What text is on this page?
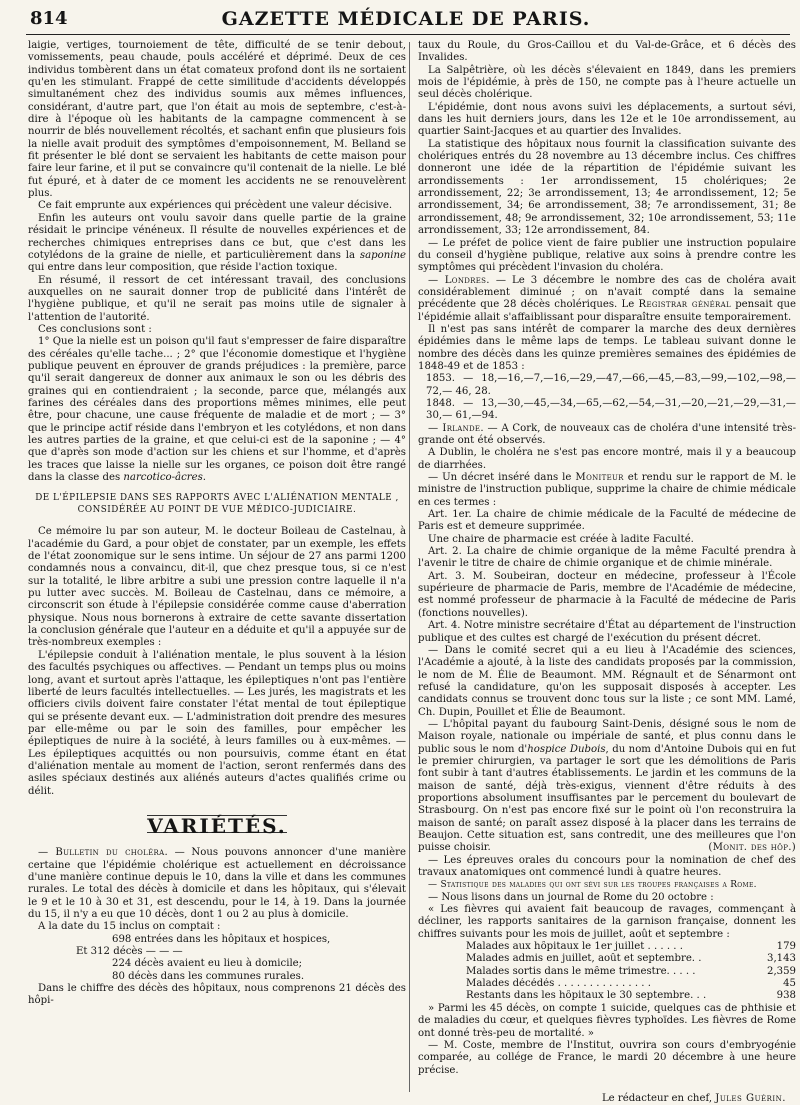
814	GAZETTE MÉDICALE DE PARIS.

laigie, vertiges, tournoiement de tête, difficulté de se tenir debout, vomissements, peau chaude, pouls accéléré et déprimé. Deux de ces individus tombèrent dans un état comateux profond dont ils ne sortaient qu'en les stimulant. Frappé de cette similitude d'accidents développés simultanément chez des individus soumis aux mêmes influences, considérant, d'autre part, que l'on était au mois de septembre, c'est-à-dire à l'époque où les habitants de la campagne commencent à se nourrir de blés nouvellement récoltés, et sachant enfin que plusieurs fois la nielle avait produit des symptômes d'empoisonnement, M. Belland se fit présenter le blé dont se servaient les habitants de cette maison pour faire leur farine, et il put se convaincre qu'il contenait de la nielle. Le blé fut épuré, et à dater de ce moment les accidents ne se renouvelèrent plus.

Ce fait emprunte aux expériences qui précèdent une valeur décisive.

Enfin les auteurs ont voulu savoir dans quelle partie de la graine résidait le principe vénéneux. Il résulte de nouvelles expériences et de recherches chimiques entreprises dans ce but, que c'est dans les cotylédons de la graine de nielle, et particulièrement dans la saponine qui entre dans leur composition, que réside l'action toxique.

En résumé, il ressort de cet intéressant travail, des conclusions auxquelles on ne saurait donner trop de publicité dans l'intérêt de l'hygiène publique, et qu'il ne serait pas moins utile de signaler à l'attention de l'autorité.

Ces conclusions sont :

1° Que la nielle est un poison qu'il faut s'empresser de faire disparaître des céréales qu'elle tache... ; 2° que l'économie domestique et l'hygiène publique peuvent en éprouver de grands préjudices : la première, parce qu'il serait dangereux de donner aux animaux le son ou les débris des graines qui en contiendraient ; la seconde, parce que, mélangés aux farines des céréales dans des proportions mêmes minimes, elle peut être, pour chacune, une cause fréquente de maladie et de mort ; — 3° que le principe actif réside dans l'embryon et les cotylédons, et non dans les autres parties de la graine, et que celui-ci est de la saponine ; — 4° que d'après son mode d'action sur les chiens et sur l'homme, et d'après les traces que laisse la nielle sur les organes, ce poison doit être rangé dans la classe des narcotico-âcres.

DE L'ÉPILEPSIE DANS SES RAPPORTS AVEC L'ALIÉNATION MENTALE ,
CONSIDÉRÉE AU POINT DE VUE MÉDICO-JUDICIAIRE.

Ce mémoire lu par son auteur, M. le docteur Boileau de Castelnau, à l'académie du Gard, a pour objet de constater, par un exemple, les effets de l'état zoonomique sur le sens intime. Un séjour de 27 ans parmi 1200 condamnés nous a convaincu, dit-il, que chez presque tous, si ce n'est sur la totalité, le libre arbitre a subi une pression contre laquelle il n'a pu lutter avec succès. M. Boileau de Castelnau, dans ce mémoire, a circonscrit son étude à l'épilepsie considérée comme cause d'aberration physique. Nous nous bornerons à extraire de cette savante dissertation la conclusion générale que l'auteur en a déduite et qu'il a appuyée sur de très-nombreux exemples :

L'épilepsie conduit à l'aliénation mentale, le plus souvent à la lésion des facultés psychiques ou affectives. — Pendant un temps plus ou moins long, avant et surtout après l'attaque, les épileptiques n'ont pas l'entière liberté de leurs facultés intellectuelles. — Les jurés, les magistrats et les officiers civils doivent faire constater l'état mental de tout épileptique qui se présente devant eux. — L'administration doit prendre des mesures par elle-même ou par le soin des familles, pour empêcher les épileptiques de nuire à la société, à leurs familles ou à eux-mêmes. — Les épileptiques acquittés ou non poursuivis, comme étant en état d'aliénation mentale au moment de l'action, seront renfermés dans des asiles spéciaux destinés aux aliénés auteurs d'actes qualifiés crime ou délit.

VARIÉTÉS.

— Bulletin du choléra. — Nous pouvons annoncer d'une manière certaine que l'épidémie cholérique est actuellement en décroissance d'une manière continue depuis le 10, dans la ville et dans les communes rurales. Le total des décès à domicile et dans les hôpitaux, qui s'élevait le 9 et le 10 à 30 et 31, est descendu, pour le 14, à 19. Dans la journée du 15, il n'y a eu que 10 décès, dont 1 ou 2 au plus à domicile.

A la date du 15 inclus on comptait :

698 entrées dans les hôpitaux et hospices,
Et 312 décès — — —
224 décès avaient eu lieu à domicile;
80 décès dans les communes rurales.

Dans le chiffre des décès des hôpitaux, nous comprenons 21 décès des hôpi-

taux du Roule, du Gros-Caillou et du Val-de-Grâce, et 6 décès des Invalides.

La Salpêtrière, où les décès s'élevaient en 1849, dans les premiers mois de l'épidémie, à près de 150, ne compte pas à l'heure actuelle un seul décès cholérique.

L'épidémie, dont nous avons suivi les déplacements, a surtout sévi, dans les huit derniers jours, dans les 12e et le 10e arrondissement, au quartier Saint-Jacques et au quartier des Invalides.

La statistique des hôpitaux nous fournit la classification suivante des cholériques entrés du 28 novembre au 13 décembre inclus. Ces chiffres donneront une idée de la répartition de l'épidémie suivant les arrondissements : 1er arrondissement, 15 cholériques; 2e arrondissement, 22; 3e arrondissement, 13; 4e arrondissement, 12; 5e arrondissement, 34; 6e arrondissement, 38; 7e arrondissement, 31; 8e arrondissement, 48; 9e arrondissement, 32; 10e arrondissement, 53; 11e arrondissement, 33; 12e arrondissement, 84.

— Le préfet de police vient de faire publier une instruction populaire du conseil d'hygiène publique, relative aux soins à prendre contre les symptômes qui précèdent l'invasion du choléra.

— Londres. — Le 3 décembre le nombre des cas de choléra avait considérablement diminué ; on n'avait compté dans la semaine précédente que 28 décès cholériques. Le Registrar général pensait que l'épidémie allait s'affaiblissant pour disparaître ensuite temporairement.

Il n'est pas sans intérêt de comparer la marche des deux dernières épidémies dans le même laps de temps. Le tableau suivant donne le nombre des décès dans les quinze premières semaines des épidémies de 1848-49 et de 1853 :

1853. — 18,—16,—7,—16,—29,—47,—66,—45,—83,—99,—102,—98,—72,— 46, 28.
1848. — 13,—30,—45,—34,—65,—62,—54,—31,—20,—21,—29,—31,—30,— 61,—94.

— Irlande. — A Cork, de nouveaux cas de choléra d'une intensité très-grande ont été observés.

A Dublin, le choléra ne s'est pas encore montré, mais il y a beaucoup de diarrhées.

— Un décret inséré dans le Moniteur et rendu sur le rapport de M. le ministre de l'instruction publique, supprime la chaire de chimie médicale en ces termes :

Art. 1er. La chaire de chimie médicale de la Faculté de médecine de Paris est et demeure supprimée.

Une chaire de pharmacie est créée à ladite Faculté.

Art. 2. La chaire de chimie organique de la même Faculté prendra à l'avenir le titre de chaire de chimie organique et de chimie minérale.

Art. 3. M. Soubeiran, docteur en médecine, professeur à l'École supérieure de pharmacie de Paris, membre de l'Académie de médecine, est nommé professeur de pharmacie à la Faculté de médecine de Paris (fonctions nouvelles).

Art. 4. Notre ministre secrétaire d'État au département de l'instruction publique et des cultes est chargé de l'exécution du présent décret.

— Dans le comité secret qui a eu lieu à l'Académie des sciences, l'Académie a ajouté, à la liste des candidats proposés par la commission, le nom de M. Élie de Beaumont. MM. Régnault et de Sénarmont ont refusé la candidature, qu'on les supposait disposés à accepter. Les candidats connus se trouvent donc tous sur la liste ; ce sont MM. Lamé, Ch. Dupin, Pouillet et Élie de Beaumont.

— L'hôpital payant du faubourg Saint-Denis, désigné sous le nom de Maison royale, nationale ou impériale de santé, et plus connu dans le public sous le nom d'hospice Dubois, du nom d'Antoine Dubois qui en fut le premier chirurgien, va partager le sort que les démolitions de Paris font subir à tant d'autres établissements. Le jardin et les communs de la maison de santé, déjà très-exigus, viennent d'être réduits à des proportions absolument insuffisantes par le percement du boulevart de Strasbourg. On n'est pas encore fixé sur le point où l'on reconstruira la maison de santé; on paraît assez disposé à la placer dans les terrains de Beaujon. Cette situation est, sans contredit, une des meilleures que l'on puisse choisir.	(Monit. des hôp.)

— Les épreuves orales du concours pour la nomination de chef des travaux anatomiques ont commencé lundi à quatre heures.

— Statistique des maladies qui ont sévi sur les troupes françaises a Rome.

— Nous lisons dans un journal de Rome du 20 octobre :

« Les fièvres qui avaient fait beaucoup de ravages, commençant à décliner, les rapports sanitaires de la garnison française, donnent les chiffres suivants pour les mois de juillet, août et septembre :

Malades aux hôpitaux le 1er juillet . . . . . .	179
Malades admis en juillet, août et septembre. .	3,143
Malades sortis dans le même trimestre. . . . .	2,359
Malades décédés . . . . . . . . . . . . . . .	45
Restants dans les hôpitaux le 30 septembre. . .	938

» Parmi les 45 décès, on compte 1 suicide, quelques cas de phthisie et de maladies du cœur, et quelques fièvres typhoïdes. Les fièvres de Rome ont donné très-peu de mortalité. »

— M. Coste, membre de l'Institut, ouvrira son cours d'embryogénie comparée, au collége de France, le mardi 20 décembre à une heure précise.

Le rédacteur en chef, Jules Guérin.
